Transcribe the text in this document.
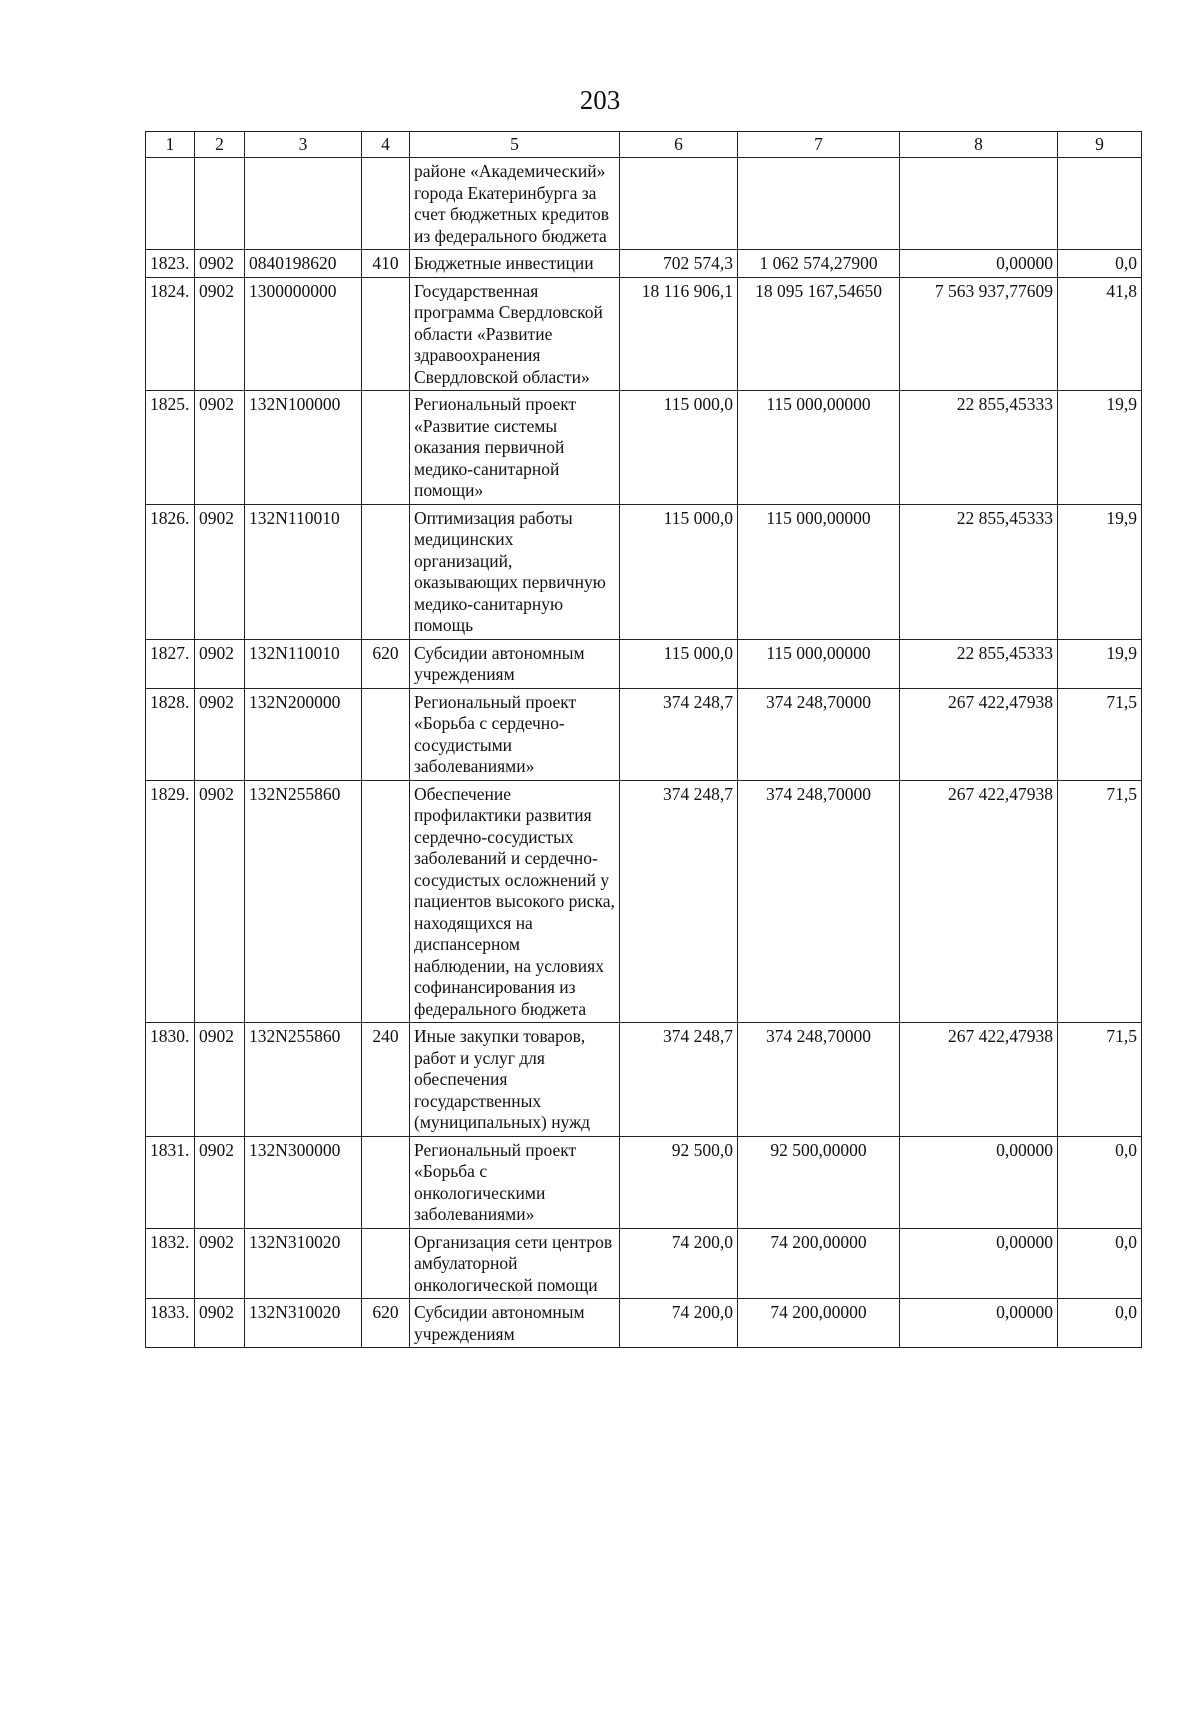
203
1	2	3	4	5	6	7	8	9
				районе «Академический» города Екатеринбурга за счет бюджетных кредитов из федерального бюджета				
1823.	0902	0840198620	410	Бюджетные инвестиции	702 574,3	1 062 574,27900	0,00000	0,0
1824.	0902	1300000000		Государственная программа Свердловской области «Развитие здравоохранения Свердловской области»	18 116 906,1	18 095 167,54650	7 563 937,77609	41,8
1825.	0902	132N100000		Региональный проект «Развитие системы оказания первичной медико-санитарной помощи»	115 000,0	115 000,00000	22 855,45333	19,9
1826.	0902	132N110010		Оптимизация работы медицинских организаций, оказывающих первичную медико-санитарную помощь	115 000,0	115 000,00000	22 855,45333	19,9
1827.	0902	132N110010	620	Субсидии автономным учреждениям	115 000,0	115 000,00000	22 855,45333	19,9
1828.	0902	132N200000		Региональный проект «Борьба с сердечно-сосудистыми заболеваниями»	374 248,7	374 248,70000	267 422,47938	71,5
1829.	0902	132N255860		Обеспечение профилактики развития сердечно-сосудистых заболеваний и сердечно-сосудистых осложнений у пациентов высокого риска, находящихся на диспансерном наблюдении, на условиях софинансирования из федерального бюджета	374 248,7	374 248,70000	267 422,47938	71,5
1830.	0902	132N255860	240	Иные закупки товаров, работ и услуг для обеспечения государственных (муниципальных) нужд	374 248,7	374 248,70000	267 422,47938	71,5
1831.	0902	132N300000		Региональный проект «Борьба с онкологическими заболеваниями»	92 500,0	92 500,00000	0,00000	0,0
1832.	0902	132N310020		Организация сети центров амбулаторной онкологической помощи	74 200,0	74 200,00000	0,00000	0,0
1833.	0902	132N310020	620	Субсидии автономным учреждениям	74 200,0	74 200,00000	0,00000	0,0
